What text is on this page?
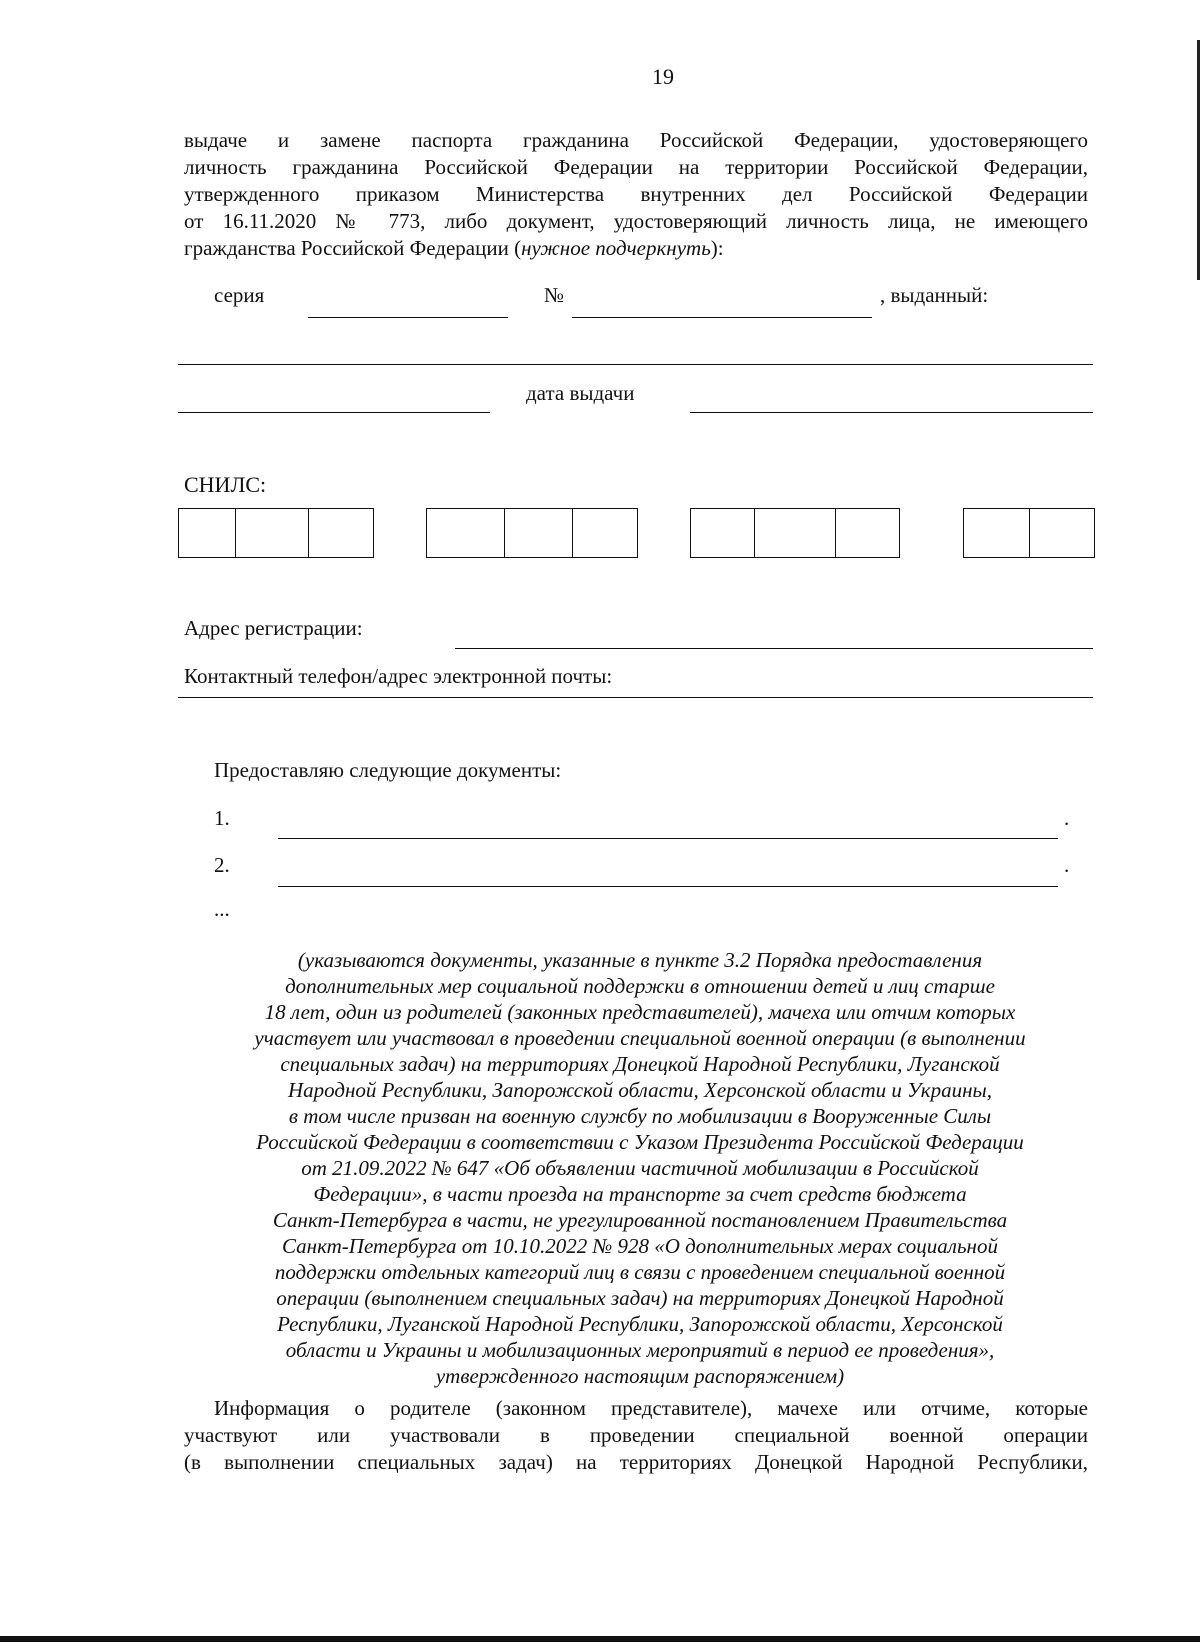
19
выдаче и замене паспорта гражданина Российской Федерации, удостоверяющего
личность гражданина Российской Федерации на территории Российской Федерации,
утвержденного приказом Министерства внутренних дел Российской Федерации
от 16.11.2020 № 773, либо документ, удостоверяющий личность лица, не имеющего
гражданства Российской Федерации (нужное подчеркнуть):
серия	№	, выданный:
дата выдачи
СНИЛС:
Адрес регистрации:
Контактный телефон/адрес электронной почты:
Предоставляю следующие документы:
1.	.
2.	.
...
(указываются документы, указанные в пункте 3.2 Порядка предоставления
дополнительных мер социальной поддержки в отношении детей и лиц старше
18 лет, один из родителей (законных представителей), мачеха или отчим которых
участвует или участвовал в проведении специальной военной операции (в выполнении
специальных задач) на территориях Донецкой Народной Республики, Луганской
Народной Республики, Запорожской области, Херсонской области и Украины,
в том числе призван на военную службу по мобилизации в Вооруженные Силы
Российской Федерации в соответствии с Указом Президента Российской Федерации
от 21.09.2022 № 647 «Об объявлении частичной мобилизации в Российской
Федерации», в части проезда на транспорте за счет средств бюджета
Санкт-Петербурга в части, не урегулированной постановлением Правительства
Санкт-Петербурга от 10.10.2022 № 928 «О дополнительных мерах социальной
поддержки отдельных категорий лиц в связи с проведением специальной военной
операции (выполнением специальных задач) на территориях Донецкой Народной
Республики, Луганской Народной Республики, Запорожской области, Херсонской
области и Украины и мобилизационных мероприятий в период ее проведения»,
утвержденного настоящим распоряжением)
Информация о родителе (законном представителе), мачехе или отчиме, которые
участвуют или участвовали в проведении специальной военной операции
(в выполнении специальных задач) на территориях Донецкой Народной Республики,
